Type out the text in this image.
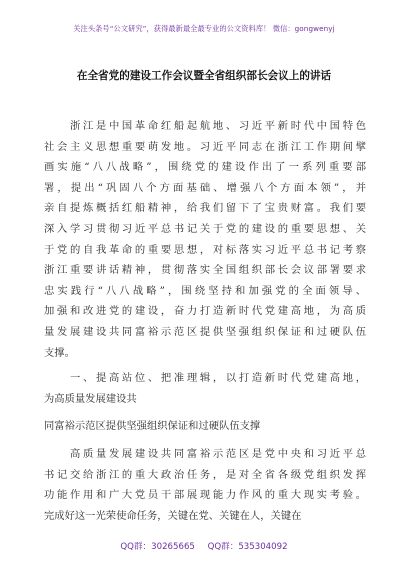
关注头条号“公文研究”，获得最新最全最专业的公文资料库！ 微信：gongwenyj
在全省党的建设工作会议暨全省组织部长会议上的讲话
　　浙江是中国革命红船起航地、习近平新时代中国特色
社会主义思想重要萌发地。习近平同志在浙江工作期间擘
画实施“八八战略”，围绕党的建设作出了一系列重要部
署，提出“巩固八个方面基础、增强八个方面本领”，并
亲自提炼概括红船精神，给我们留下了宝贵财富。我们要
深入学习贯彻习近平总书记关于党的建设的重要思想、关
于党的自我革命的重要思想，对标落实习近平总书记考察
浙江重要讲话精神，贯彻落实全国组织部长会议部署要求
忠实践行“八八战略”，围绕坚持和加强党的全面领导、
加强和改进党的建设，奋力打造新时代党建高地，为高质
量发展建设共同富裕示范区提供坚强组织保证和过硬队伍
支撑。
　　一、提高站位、把准理辑，以打造新时代党建高地，
为高质量发展建设共
同富裕示范区提供坚强组织保证和过硬队伍支撑
　　高质量发展建设共同富裕示范区是党中央和习近平总
书记交给浙江的重大政治任务，是对全省各级党组织发挥
功能作用和广大党员干部展现能力作风的重大现实考验。
完成好这一光荣使命任务，关键在党、关键在人，关键在
QQ群：30265665 QQ群：535304092
